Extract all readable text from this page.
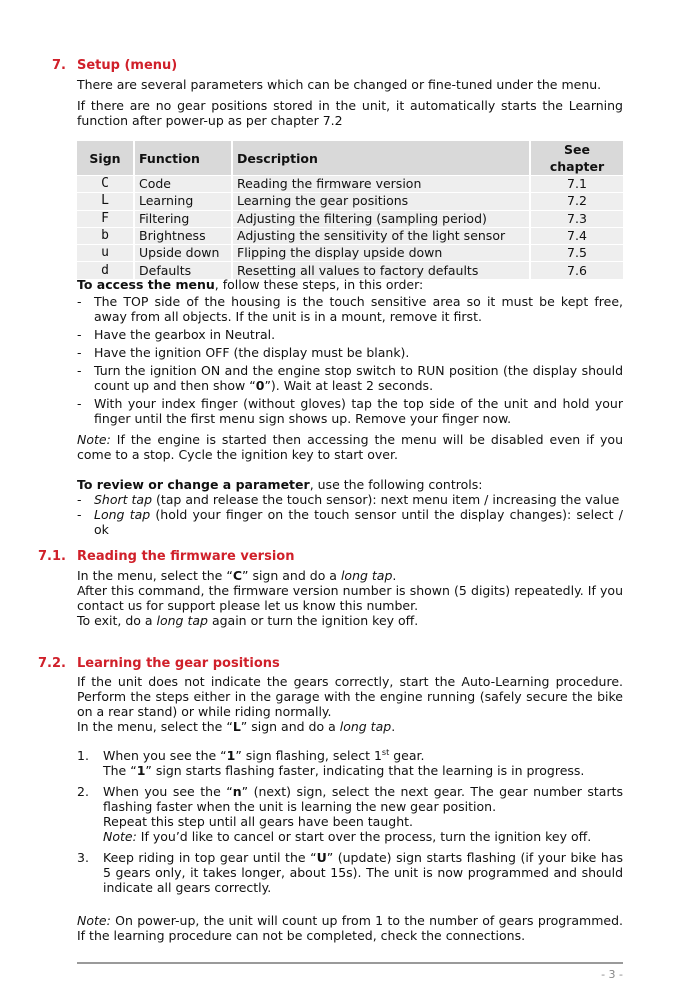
7. Setup (menu)
There are several parameters which can be changed or fine-tuned under the menu.
If there are no gear positions stored in the unit, it automatically starts the Learning function after power-up as per chapter 7.2
Sign	Function	Description	See chapter
C	Code	Reading the firmware version	7.1
L	Learning	Learning the gear positions	7.2
F	Filtering	Adjusting the filtering (sampling period)	7.3
b	Brightness	Adjusting the sensitivity of the light sensor	7.4
u	Upside down	Flipping the display upside down	7.5
d	Defaults	Resetting all values to factory defaults	7.6
To access the menu, follow these steps, in this order:
- The TOP side of the housing is the touch sensitive area so it must be kept free, away from all objects. If the unit is in a mount, remove it first.
- Have the gearbox in Neutral.
- Have the ignition OFF (the display must be blank).
- Turn the ignition ON and the engine stop switch to RUN position (the display should count up and then show “0”). Wait at least 2 seconds.
- With your index finger (without gloves) tap the top side of the unit and hold your finger until the first menu sign shows up. Remove your finger now.
Note: If the engine is started then accessing the menu will be disabled even if you come to a stop. Cycle the ignition key to start over.
To review or change a parameter, use the following controls:
- Short tap (tap and release the touch sensor): next menu item / increasing the value
- Long tap (hold your finger on the touch sensor until the display changes): select / ok
7.1. Reading the firmware version
In the menu, select the “C” sign and do a long tap.
After this command, the firmware version number is shown (5 digits) repeatedly. If you contact us for support please let us know this number.
To exit, do a long tap again or turn the ignition key off.
7.2. Learning the gear positions
If the unit does not indicate the gears correctly, start the Auto-Learning procedure. Perform the steps either in the garage with the engine running (safely secure the bike on a rear stand) or while riding normally.
In the menu, select the “L” sign and do a long tap.
1. When you see the “1” sign flashing, select 1st gear.
The “1” sign starts flashing faster, indicating that the learning is in progress.
2. When you see the “n” (next) sign, select the next gear. The gear number starts flashing faster when the unit is learning the new gear position.
Repeat this step until all gears have been taught.
Note: If you’d like to cancel or start over the process, turn the ignition key off.
3. Keep riding in top gear until the “U” (update) sign starts flashing (if your bike has 5 gears only, it takes longer, about 15s). The unit is now programmed and should indicate all gears correctly.
Note: On power-up, the unit will count up from 1 to the number of gears programmed. If the learning procedure can not be completed, check the connections.
- 3 -
